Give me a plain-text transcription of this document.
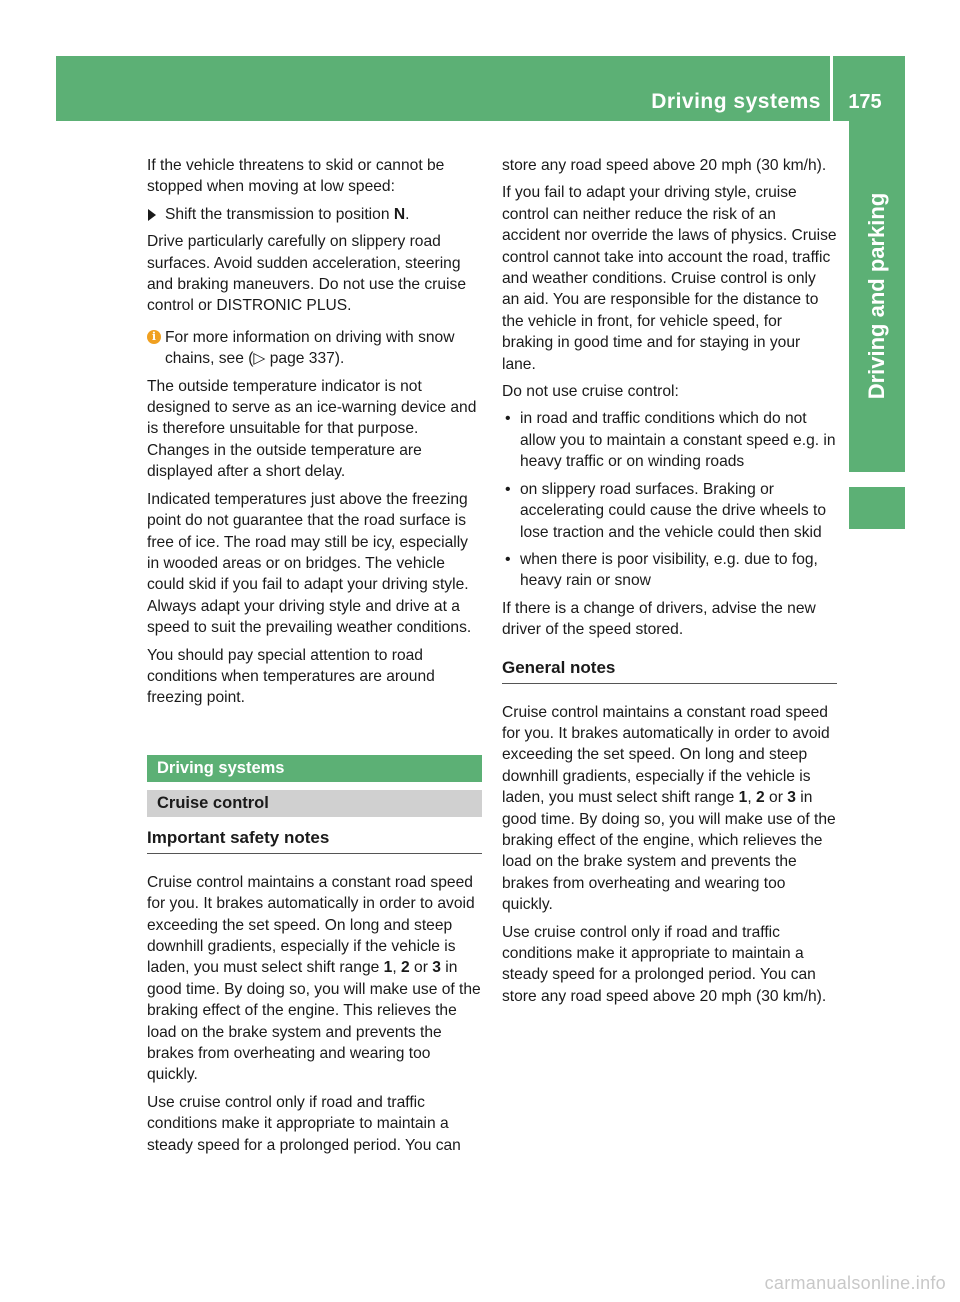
Driving systems	175
Driving and parking

If the vehicle threatens to skid or cannot be stopped when moving at low speed:

Shift the transmission to position N.

Drive particularly carefully on slippery road surfaces. Avoid sudden acceleration, steering and braking maneuvers. Do not use the cruise control or DISTRONIC PLUS.

i For more information on driving with snow chains, see (▷ page 337).

The outside temperature indicator is not designed to serve as an ice-warning device and is therefore unsuitable for that purpose. Changes in the outside temperature are displayed after a short delay.

Indicated temperatures just above the freezing point do not guarantee that the road surface is free of ice. The road may still be icy, especially in wooded areas or on bridges. The vehicle could skid if you fail to adapt your driving style. Always adapt your driving style and drive at a speed to suit the prevailing weather conditions.

You should pay special attention to road conditions when temperatures are around freezing point.

Driving systems
Cruise control
Important safety notes

Cruise control maintains a constant road speed for you. It brakes automatically in order to avoid exceeding the set speed. On long and steep downhill gradients, especially if the vehicle is laden, you must select shift range 1, 2 or 3 in good time. By doing so, you will make use of the braking effect of the engine. This relieves the load on the brake system and prevents the brakes from overheating and wearing too quickly.

Use cruise control only if road and traffic conditions make it appropriate to maintain a steady speed for a prolonged period. You can

store any road speed above 20 mph (30 km/h).

If you fail to adapt your driving style, cruise control can neither reduce the risk of an accident nor override the laws of physics. Cruise control cannot take into account the road, traffic and weather conditions. Cruise control is only an aid. You are responsible for the distance to the vehicle in front, for vehicle speed, for braking in good time and for staying in your lane.

Do not use cruise control:

• in road and traffic conditions which do not allow you to maintain a constant speed e.g. in heavy traffic or on winding roads
• on slippery road surfaces. Braking or accelerating could cause the drive wheels to lose traction and the vehicle could then skid
• when there is poor visibility, e.g. due to fog, heavy rain or snow

If there is a change of drivers, advise the new driver of the speed stored.

General notes

Cruise control maintains a constant road speed for you. It brakes automatically in order to avoid exceeding the set speed. On long and steep downhill gradients, especially if the vehicle is laden, you must select shift range 1, 2 or 3 in good time. By doing so, you will make use of the braking effect of the engine, which relieves the load on the brake system and prevents the brakes from overheating and wearing too quickly.

Use cruise control only if road and traffic conditions make it appropriate to maintain a steady speed for a prolonged period. You can store any road speed above 20 mph (30 km/h).

carmanualsonline.info
